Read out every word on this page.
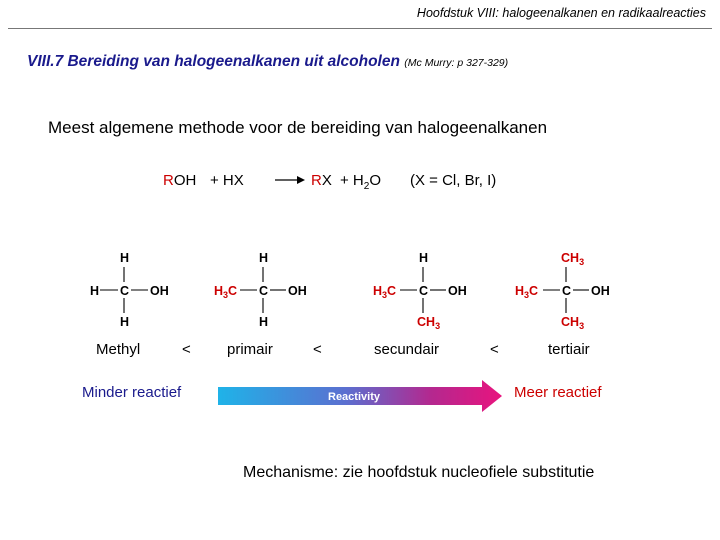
Hoofdstuk VIII: halogeenalkanen en radikaalreacties
VIII.7 Bereiding van halogeenalkanen uit alcoholen (Mc Murry: p 327-329)
Meest algemene methode voor de bereiding van halogeenalkanen
ROH + HX → RX + $H_2O$ (X = Cl, Br, I)
H
H C OH
H
H
$H_3C$ C OH
H
H
$H_3C$ C OH
$CH_3$
$CH_3$
$H_3C$ C OH
$CH_3$
Methyl	< primair	<	secundair	<	tertiair
Minder reactief	Reactivity	Meer reactief
Mechanisme: zie hoofdstuk nucleofiele substitutie
